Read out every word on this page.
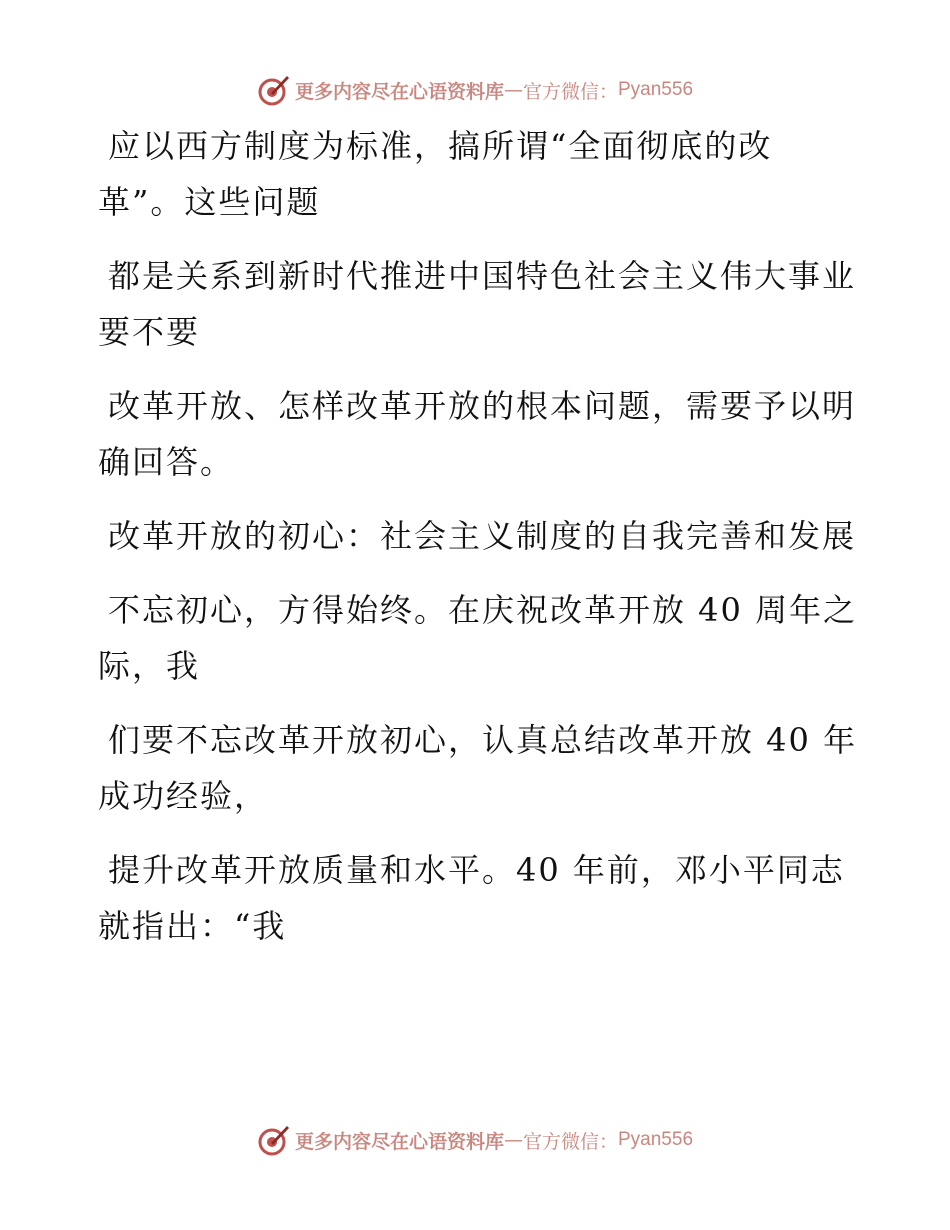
更多内容尽在心语资料库 — 官方微信： Pyan556

应以西方制度为标准，搞所谓“全面彻底的改革”。这些问题

都是关系到新时代推进中国特色社会主义伟大事业要不要

改革开放、怎样改革开放的根本问题，需要予以明确回答。

改革开放的初心：社会主义制度的自我完善和发展

不忘初心，方得始终。在庆祝改革开放 40 周年之际，我

们要不忘改革开放初心，认真总结改革开放 40 年成功经验，

提升改革开放质量和水平。40 年前，邓小平同志就指出：“我

更多内容尽在心语资料库 — 官方微信： Pyan556
